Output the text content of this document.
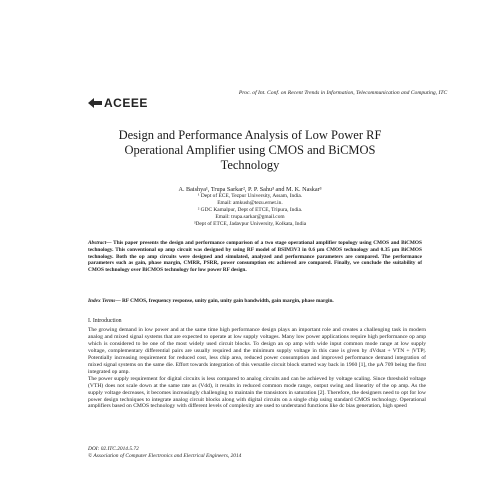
ACEEE
Proc. of Int. Conf. on Recent Trends in Information, Telecommunication and Computing, ITC
Design and Performance Analysis of Low Power RF
Operational Amplifier using CMOS and BiCMOS
Technology
A. Baishya¹, Trupa Sarkar², P. P. Sahu³ and M. K. Naskar³
¹ Dept of ECE, Tezpur University, Assam, India.
Email: amkush@tezu.ernet.in.
² GDC Kamalpur, Dept of ETCE, Tripura, India.
Email: trupa.sarkar@gmail.com
³Dept of ETCE, Jadavpur University, Kolkata, India
Abstract— This paper presents the design and performance comparison of a two stage operational amplifier topology using CMOS and BiCMOS technology. This conventional op amp circuit was designed by using RF model of BSIM3V3 in 0.6 µm CMOS technology and 0.35 µm BiCMOS technology. Both the op amp circuits were designed and simulated, analyzed and performance parameters are compared. The performance parameters such as gain, phase margin, CMRR, PSRR, power consumption etc achieved are compared. Finally, we conclude the suitability of CMOS technology over BiCMOS technology for low power RF design.
Index Terms— RF CMOS, frequency response, unity gain, unity gain bandwidth, gain margin, phase margin.
I. Introduction

The growing demand in low power and at the same time high performance design plays an important role and creates a challenging task in modern analog and mixed signal systems that are expected to operate at low supply voltages. Many low power applications require high performance op amp which is considered to be one of the most widely used circuit blocks. To design an op amp with wide input common mode range at low supply voltage, complementary differential pairs are usually required and the minimum supply voltage in this case is given by 4Vdsat + VTN + |VTP|. Potentially increasing requirement for reduced cost, less chip area, reduced power consumption and improved performance demand integration of mixed signal systems on the same die. Effort towards integration of this versatile circuit block started way back in 1960 [1], the µA 709 being the first integrated op amp.

The power supply requirement for digital circuits is less compared to analog circuits and can be achieved by voltage scaling. Since threshold voltage (VTH) does not scale down at the same rate as (Vdd), it results in reduced common mode range, output swing and linearity of the op amp. As the supply voltage decreases, it becomes increasingly challenging to maintain the transistors in saturation [2]. Therefore, the designers need to opt for low power design techniques to integrate analog circuit blocks along with digital circuits on a single chip using standard CMOS technology. Operational amplifiers based on CMOS technology with different levels of complexity are used to understand functions like dc bias generation, high speed

DOI: 02.ITC.2014.5.72
© Association of Computer Electronics and Electrical Engineers, 2014
